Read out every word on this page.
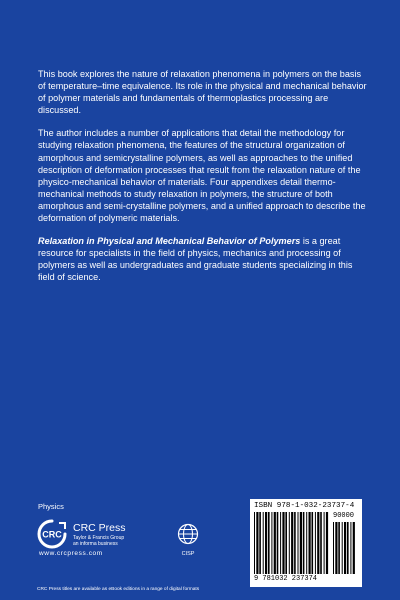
This book explores the nature of relaxation phenomena in polymers on the basis of temperature–time equivalence. Its role in the physical and mechanical behavior of polymer materials and fundamentals of thermoplastics processing are discussed.

The author includes a number of applications that detail the methodology for studying relaxation phenomena, the features of the structural organization of amorphous and semicrystalline polymers, as well as approaches to the unified description of deformation processes that result from the relaxation nature of the physico-mechanical behavior of materials. Four appendixes detail thermo-mechanical methods to study relaxation in polymers, the structure of both amorphous and semi-crystalline polymers, and a unified approach to describe the deformation of polymeric materials.

Relaxation in Physical and Mechanical Behavior of Polymers is a great resource for specialists in the field of physics, mechanics and processing of polymers as well as undergraduates and graduate students specializing in this field of science.

Physics
CRC
CRC Press
Taylor & Francis Group
an informa business
www.crcpress.com	CISP
ISBN 978-1-032-23737-4
90000
9 781032 237374
CRC Press titles are available as eBook editions in a range of digital formats
